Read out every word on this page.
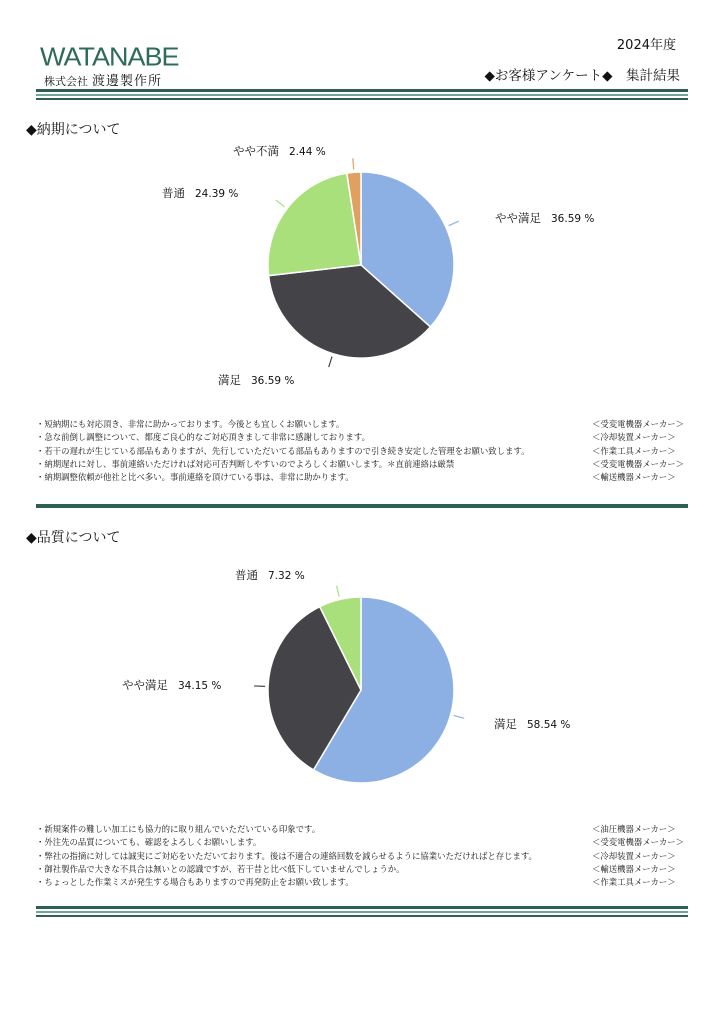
WATANABE
株式会社 渡邊製作所
2024年度
◆お客様アンケート◆　集計結果
◆納期について
やや満足 36.59 %
満足 36.59 %
普通 24.39 %
やや不満 2.44 %
・短納期にも対応頂き、非常に助かっております。今後とも宜しくお願いします。	＜受変電機器メーカー＞
・急な前倒し調整について、都度ご良心的なご対応頂きまして非常に感謝しております。	＜冷却装置メーカー＞
・若干の遅れが生じている部品もありますが、先行していただいてる部品もありますので引き続き安定した管理をお願い致します。	＜作業工具メーカー＞
・納期遅れに対し、事前連絡いただければ対応可否判断しやすいのでよろしくお願いします。＊直前連絡は厳禁	＜受変電機器メーカー＞
・納期調整依頼が他社と比べ多い。事前連絡を頂けている事は、非常に助かります。	＜輸送機器メーカー＞
◆品質について
満足 58.54 %
やや満足 34.15 %
普通 7.32 %
・新規案件の難しい加工にも協力的に取り組んでいただいている印象です。	＜油圧機器メーカー＞
・外注先の品質についても、確認をよろしくお願いします。	＜受変電機器メーカー＞
・弊社の指摘に対しては誠実にご対応をいただいております。後は不適合の連絡回数を減らせるように協業いただければと存じます。	＜冷却装置メーカー＞
・御社製作品で大きな不具合は無いとの認識ですが、若干昔と比べ低下していませんでしょうか。	＜輸送機器メーカー＞
・ちょっとした作業ミスが発生する場合もありますので再発防止をお願い致します。	＜作業工具メーカー＞
